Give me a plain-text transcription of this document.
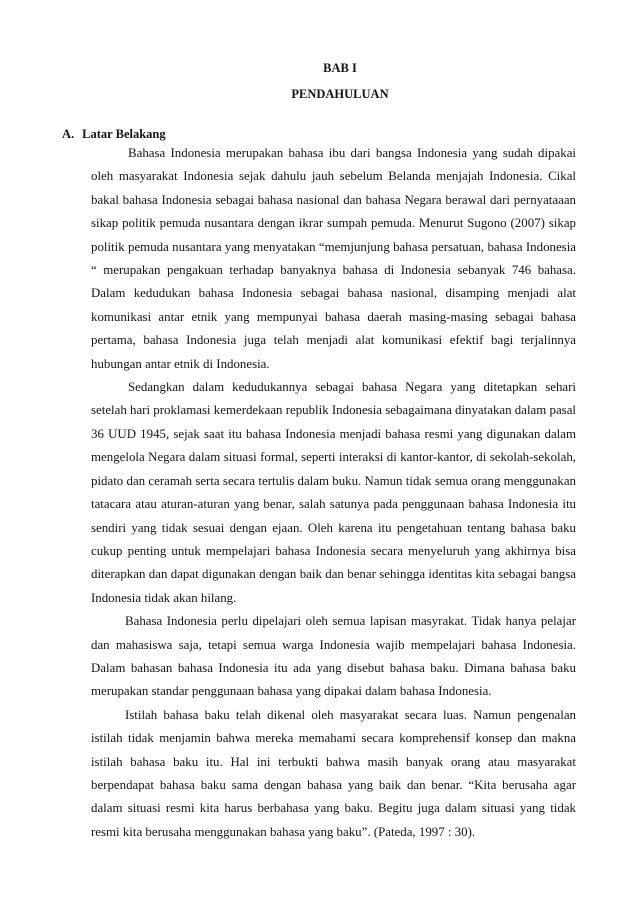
BAB I
PENDAHULUAN
A. Latar Belakang

Bahasa Indonesia merupakan bahasa ibu dari bangsa Indonesia yang sudah dipakai oleh masyarakat Indonesia sejak dahulu jauh sebelum Belanda menjajah Indonesia. Cikal bakal bahasa Indonesia sebagai bahasa nasional dan bahasa Negara berawal dari pernyataaan sikap politik pemuda nusantara dengan ikrar sumpah pemuda. Menurut Sugono (2007) sikap politik pemuda nusantara yang menyatakan “memjunjung bahasa persatuan, bahasa Indonesia “ merupakan pengakuan terhadap banyaknya bahasa di Indonesia sebanyak 746 bahasa. Dalam kedudukan bahasa Indonesia sebagai bahasa nasional, disamping menjadi alat komunikasi antar etnik yang mempunyai bahasa daerah masing-masing sebagai bahasa pertama, bahasa Indonesia juga telah menjadi alat komunikasi efektif bagi terjalinnya hubungan antar etnik di Indonesia.

Sedangkan dalam kedudukannya sebagai bahasa Negara yang ditetapkan sehari setelah hari proklamasi kemerdekaan republik Indonesia sebagaimana dinyatakan dalam pasal 36 UUD 1945, sejak saat itu bahasa Indonesia menjadi bahasa resmi yang digunakan dalam mengelola Negara dalam situasi formal, seperti interaksi di kantor-kantor, di sekolah-sekolah, pidato dan ceramah serta secara tertulis dalam buku. Namun tidak semua orang menggunakan tatacara atau aturan-aturan yang benar, salah satunya pada penggunaan bahasa Indonesia itu sendiri yang tidak sesuai dengan ejaan. Oleh karena itu pengetahuan tentang bahasa baku cukup penting untuk mempelajari bahasa Indonesia secara menyeluruh yang akhirnya bisa diterapkan dan dapat digunakan dengan baik dan benar sehingga identitas kita sebagai bangsa Indonesia tidak akan hilang.

Bahasa Indonesia perlu dipelajari oleh semua lapisan masyrakat. Tidak hanya pelajar dan mahasiswa saja, tetapi semua warga Indonesia wajib mempelajari bahasa Indonesia. Dalam bahasan bahasa Indonesia itu ada yang disebut bahasa baku. Dimana bahasa baku merupakan standar penggunaan bahasa yang dipakai dalam bahasa Indonesia.

Istilah bahasa baku telah dikenal oleh masyarakat secara luas. Namun pengenalan istilah tidak menjamin bahwa mereka memahami secara komprehensif konsep dan makna istilah bahasa baku itu. Hal ini terbukti bahwa masih banyak orang atau masyarakat berpendapat bahasa baku sama dengan bahasa yang baik dan benar. “Kita berusaha agar dalam situasi resmi kita harus berbahasa yang baku. Begitu juga dalam situasi yang tidak resmi kita berusaha menggunakan bahasa yang baku”. (Pateda, 1997 : 30).
